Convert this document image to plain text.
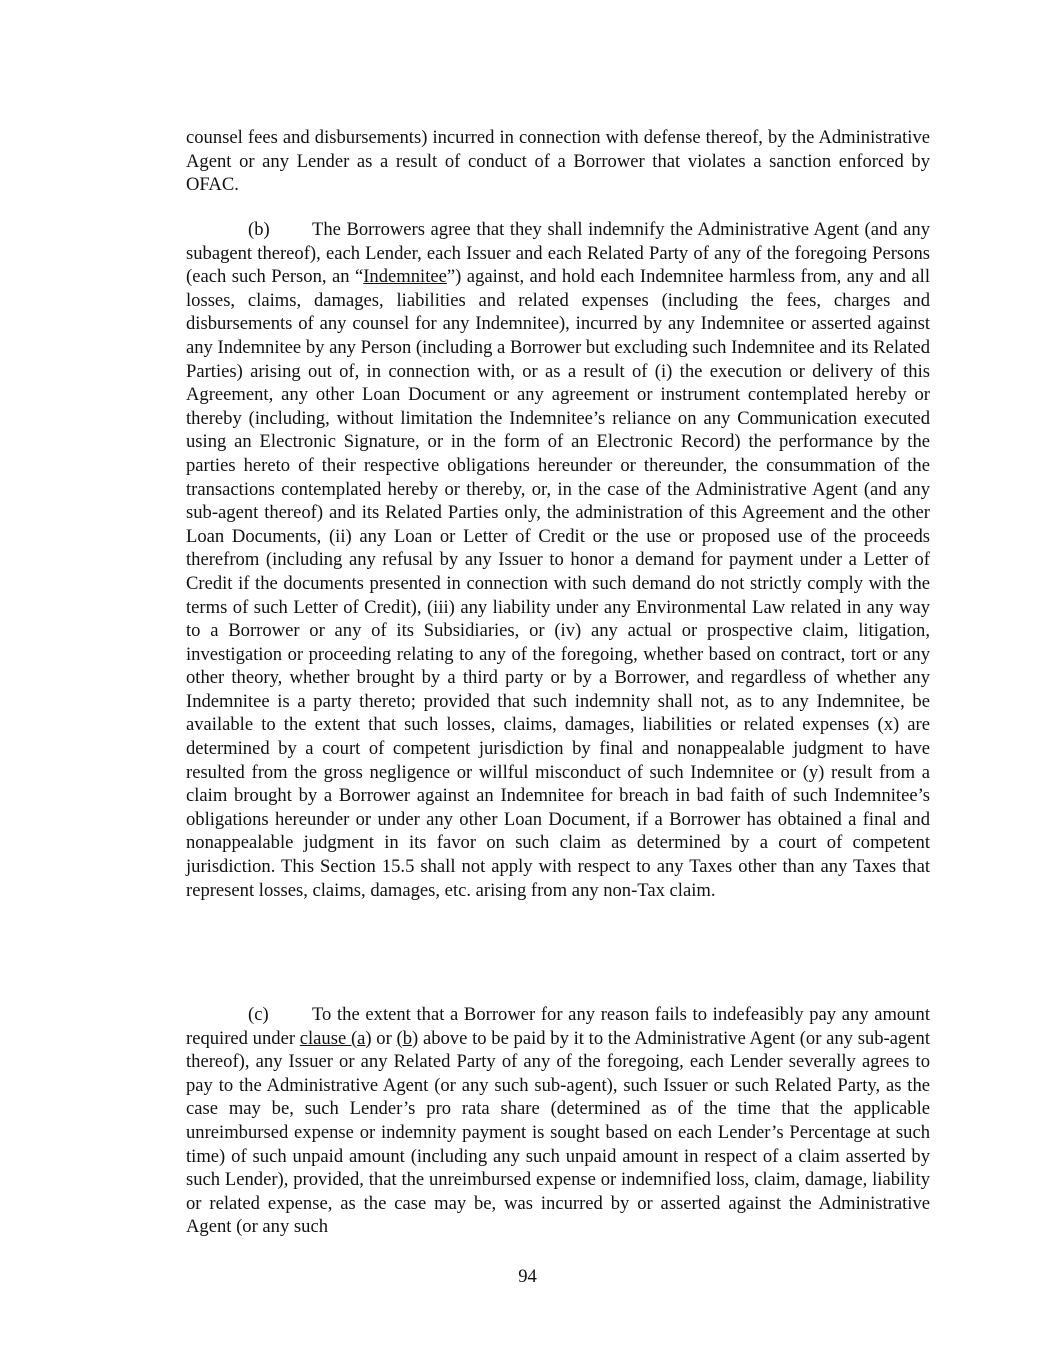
counsel fees and disbursements) incurred in connection with defense thereof, by the Administrative Agent or any Lender as a result of conduct of a Borrower that violates a sanction enforced by OFAC.

(b) The Borrowers agree that they shall indemnify the Administrative Agent (and any subagent thereof), each Lender, each Issuer and each Related Party of any of the foregoing Persons (each such Person, an “Indemnitee”) against, and hold each Indemnitee harmless from, any and all losses, claims, damages, liabilities and related expenses (including the fees, charges and disbursements of any counsel for any Indemnitee), incurred by any Indemnitee or asserted against any Indemnitee by any Person (including a Borrower but excluding such Indemnitee and its Related Parties) arising out of, in connection with, or as a result of (i) the execution or delivery of this Agreement, any other Loan Document or any agreement or instrument contemplated hereby or thereby (including, without limitation the Indemnitee’s reliance on any Communication executed using an Electronic Signature, or in the form of an Electronic Record) the performance by the parties hereto of their respective obligations hereunder or thereunder, the consummation of the transactions contemplated hereby or thereby, or, in the case of the Administrative Agent (and any sub-agent thereof) and its Related Parties only, the administration of this Agreement and the other Loan Documents, (ii) any Loan or Letter of Credit or the use or proposed use of the proceeds therefrom (including any refusal by any Issuer to honor a demand for payment under a Letter of Credit if the documents presented in connection with such demand do not strictly comply with the terms of such Letter of Credit), (iii) any liability under any Environmental Law related in any way to a Borrower or any of its Subsidiaries, or (iv) any actual or prospective claim, litigation, investigation or proceeding relating to any of the foregoing, whether based on contract, tort or any other theory, whether brought by a third party or by a Borrower, and regardless of whether any Indemnitee is a party thereto; provided that such indemnity shall not, as to any Indemnitee, be available to the extent that such losses, claims, damages, liabilities or related expenses (x) are determined by a court of competent jurisdiction by final and nonappealable judgment to have resulted from the gross negligence or willful misconduct of such Indemnitee or (y) result from a claim brought by a Borrower against an Indemnitee for breach in bad faith of such Indemnitee’s obligations hereunder or under any other Loan Document, if a Borrower has obtained a final and nonappealable judgment in its favor on such claim as determined by a court of competent jurisdiction. This Section 15.5 shall not apply with respect to any Taxes other than any Taxes that represent losses, claims, damages, etc. arising from any non-Tax claim.

(c) To the extent that a Borrower for any reason fails to indefeasibly pay any amount required under clause (a) or (b) above to be paid by it to the Administrative Agent (or any sub-agent thereof), any Issuer or any Related Party of any of the foregoing, each Lender severally agrees to pay to the Administrative Agent (or any such sub-agent), such Issuer or such Related Party, as the case may be, such Lender’s pro rata share (determined as of the time that the applicable unreimbursed expense or indemnity payment is sought based on each Lender’s Percentage at such time) of such unpaid amount (including any such unpaid amount in respect of a claim asserted by such Lender), provided, that the unreimbursed expense or indemnified loss, claim, damage, liability or related expense, as the case may be, was incurred by or asserted against the Administrative Agent (or any such

94
